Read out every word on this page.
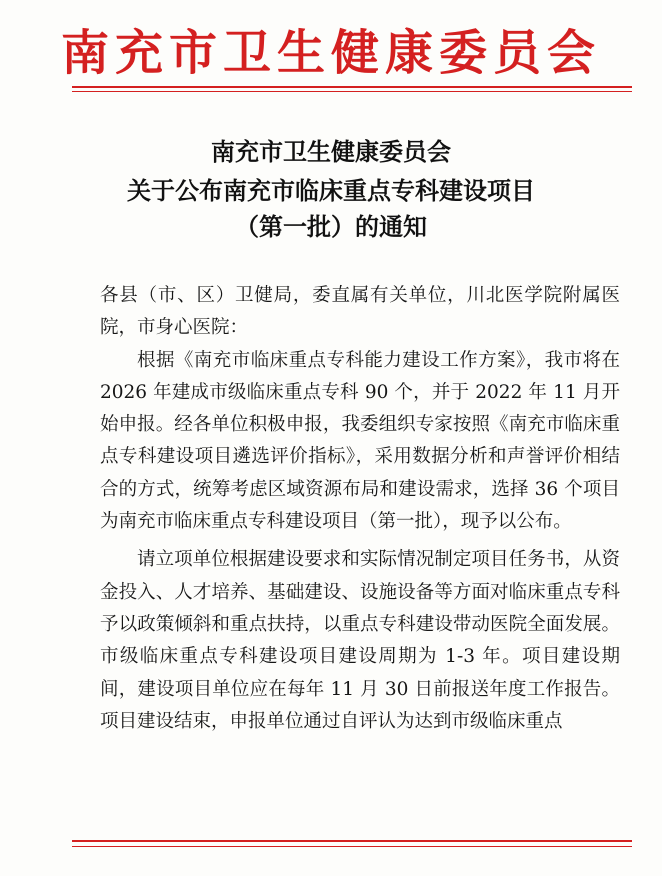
南充市卫生健康委员会
南充市卫生健康委员会
关于公布南充市临床重点专科建设项目
（第一批）的通知

各县（市、区）卫健局，委直属有关单位，川北医学院附属医院，市身心医院：

根据《南充市临床重点专科能力建设工作方案》，我市将在 2026 年建成市级临床重点专科 90 个，并于 2022 年 11 月开始申报。经各单位积极申报，我委组织专家按照《南充市临床重点专科建设项目遴选评价指标》，采用数据分析和声誉评价相结合的方式，统筹考虑区域资源布局和建设需求，选择 36 个项目为南充市临床重点专科建设项目（第一批），现予以公布。

请立项单位根据建设要求和实际情况制定项目任务书，从资金投入、人才培养、基础建设、设施设备等方面对临床重点专科予以政策倾斜和重点扶持，以重点专科建设带动医院全面发展。市级临床重点专科建设项目建设周期为 1-3 年。项目建设期间，建设项目单位应在每年 11 月 30 日前报送年度工作报告。项目建设结束，申报单位通过自评认为达到市级临床重点
